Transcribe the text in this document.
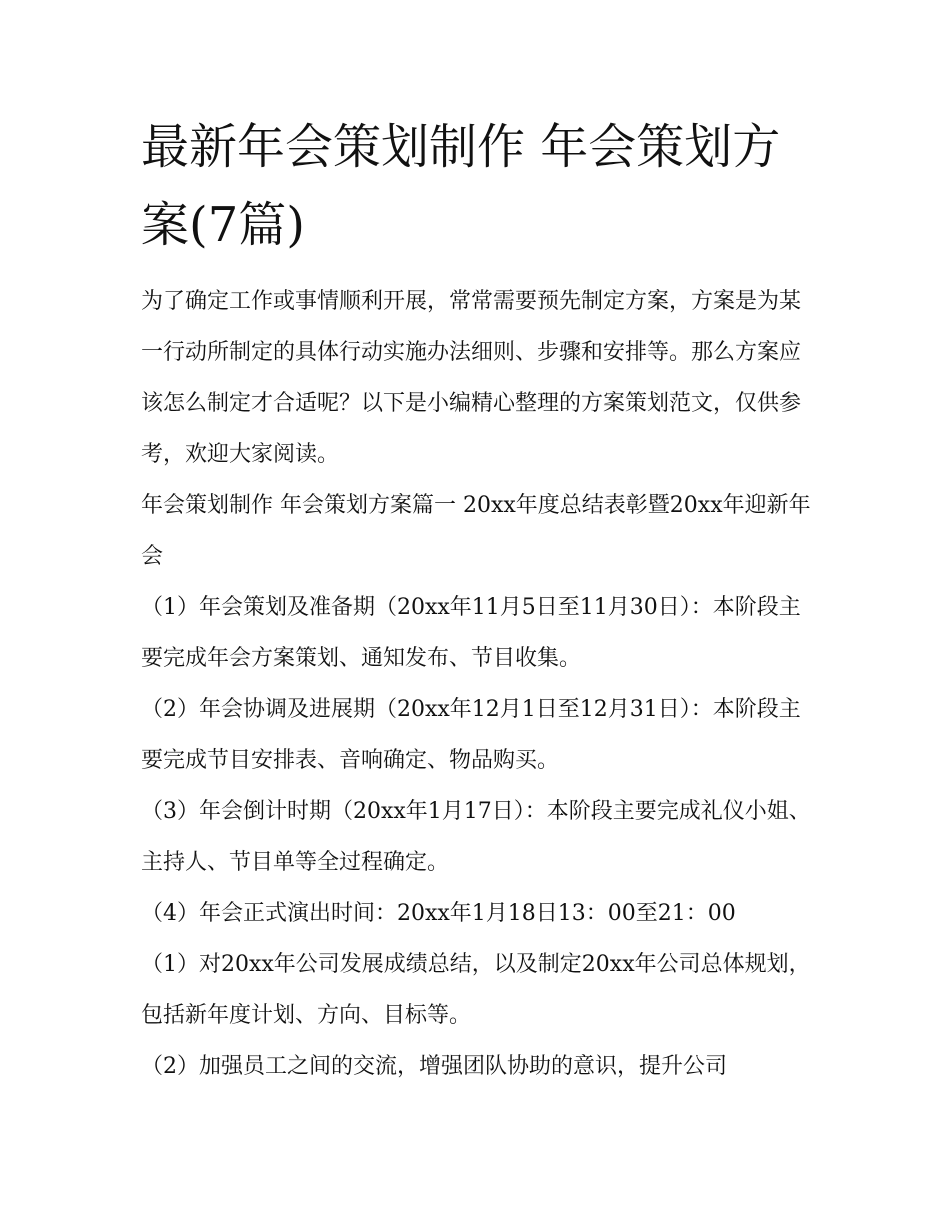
最新年会策划制作 年会策划方案(7篇)

为了确定工作或事情顺利开展，常常需要预先制定方案，方案是为某一行动所制定的具体行动实施办法细则、步骤和安排等。那么方案应该怎么制定才合适呢？以下是小编精心整理的方案策划范文，仅供参考，欢迎大家阅读。

年会策划制作 年会策划方案篇一 20xx年度总结表彰暨20xx年迎新年会

（1）年会策划及准备期（20xx年11月5日至11月30日）：本阶段主要完成年会方案策划、通知发布、节目收集。

（2）年会协调及进展期（20xx年12月1日至12月31日）：本阶段主要完成节目安排表、音响确定、物品购买。

（3）年会倒计时期（20xx年1月17日）：本阶段主要完成礼仪小姐、主持人、节目单等全过程确定。

（4）年会正式演出时间：20xx年1月18日13：00至21：00

（1）对20xx年公司发展成绩总结，以及制定20xx年公司总体规划，包括新年度计划、方向、目标等。

（2）加强员工之间的交流，增强团队协助的意识，提升公司
